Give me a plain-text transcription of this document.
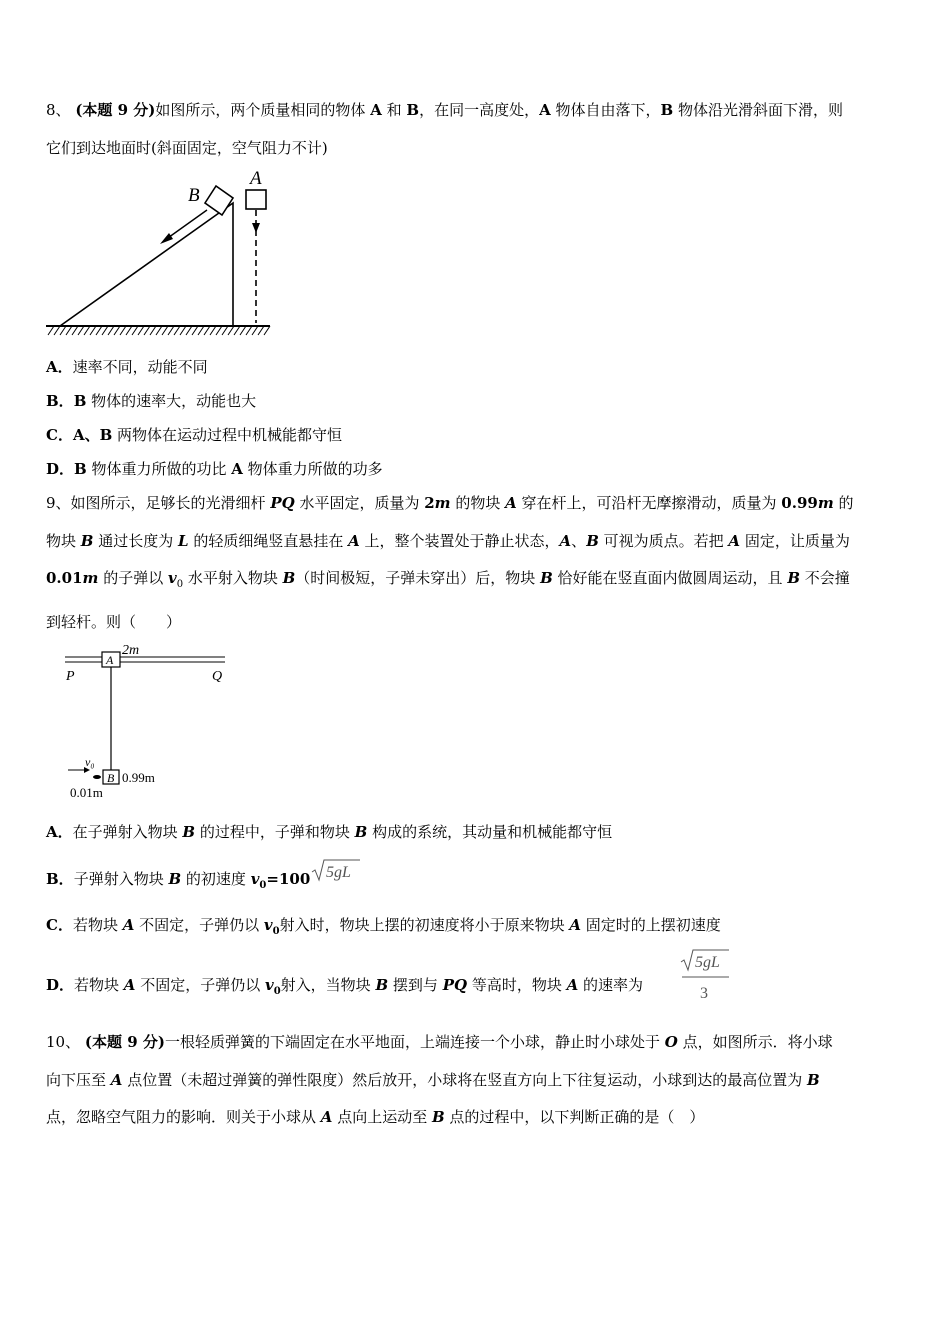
8、 (本题 9 分)如图所示，两个质量相同的物体 A 和 B，在同一高度处，A 物体自由落下，B 物体沿光滑斜面下滑，则
它们到达地面时(斜面固定，空气阻力不计)

B
A

A．速率不同，动能不同

B．B 物体的速率大，动能也大

C．A、B 两物体在运动过程中机械能都守恒

D．B 物体重力所做的功比 A 物体重力所做的功多

9、如图所示，足够长的光滑细杆 PQ 水平固定，质量为 2m 的物块 A 穿在杆上，可沿杆无摩擦滑动，质量为 0.99m 的
物块 B 通过长度为 L 的轻质细绳竖直悬挂在 A 上，整个装置处于静止状态，A、B 可视为质点。若把 A 固定，让质量为
0.01m 的子弹以 $v_0$ 水平射入物块 B（时间极短，子弹未穿出）后，物块 B 恰好能在竖直面内做圆周运动，且 B 不会撞
到轻杆。则（　　）

2m
P	Q
A
B 0.99m
v₀
0.01m

A．在子弹射入物块 B 的过程中，子弹和物块 B 构成的系统，其动量和机械能都守恒

B．子弹射入物块 B 的初速度 $v_0=100$ 5gL

C．若物块 A 不固定，子弹仍以 $v_0$射入时，物块上摆的初速度将小于原来物块 A 固定时的上摆初速度

D．若物块 A 不固定，子弹仍以 $v_0$射入，当物块 B 摆到与 PQ 等高时，物块 A 的速率为

5gL
3

10、 (本题 9 分)一根轻质弹簧的下端固定在水平地面，上端连接一个小球，静止时小球处于 O 点，如图所示．将小球
向下压至 A 点位置（未超过弹簧的弹性限度）然后放开，小球将在竖直方向上下往复运动，小球到达的最高位置为 B
点，忽略空气阻力的影响．则关于小球从 A 点向上运动至 B 点的过程中，以下判断正确的是（　）
